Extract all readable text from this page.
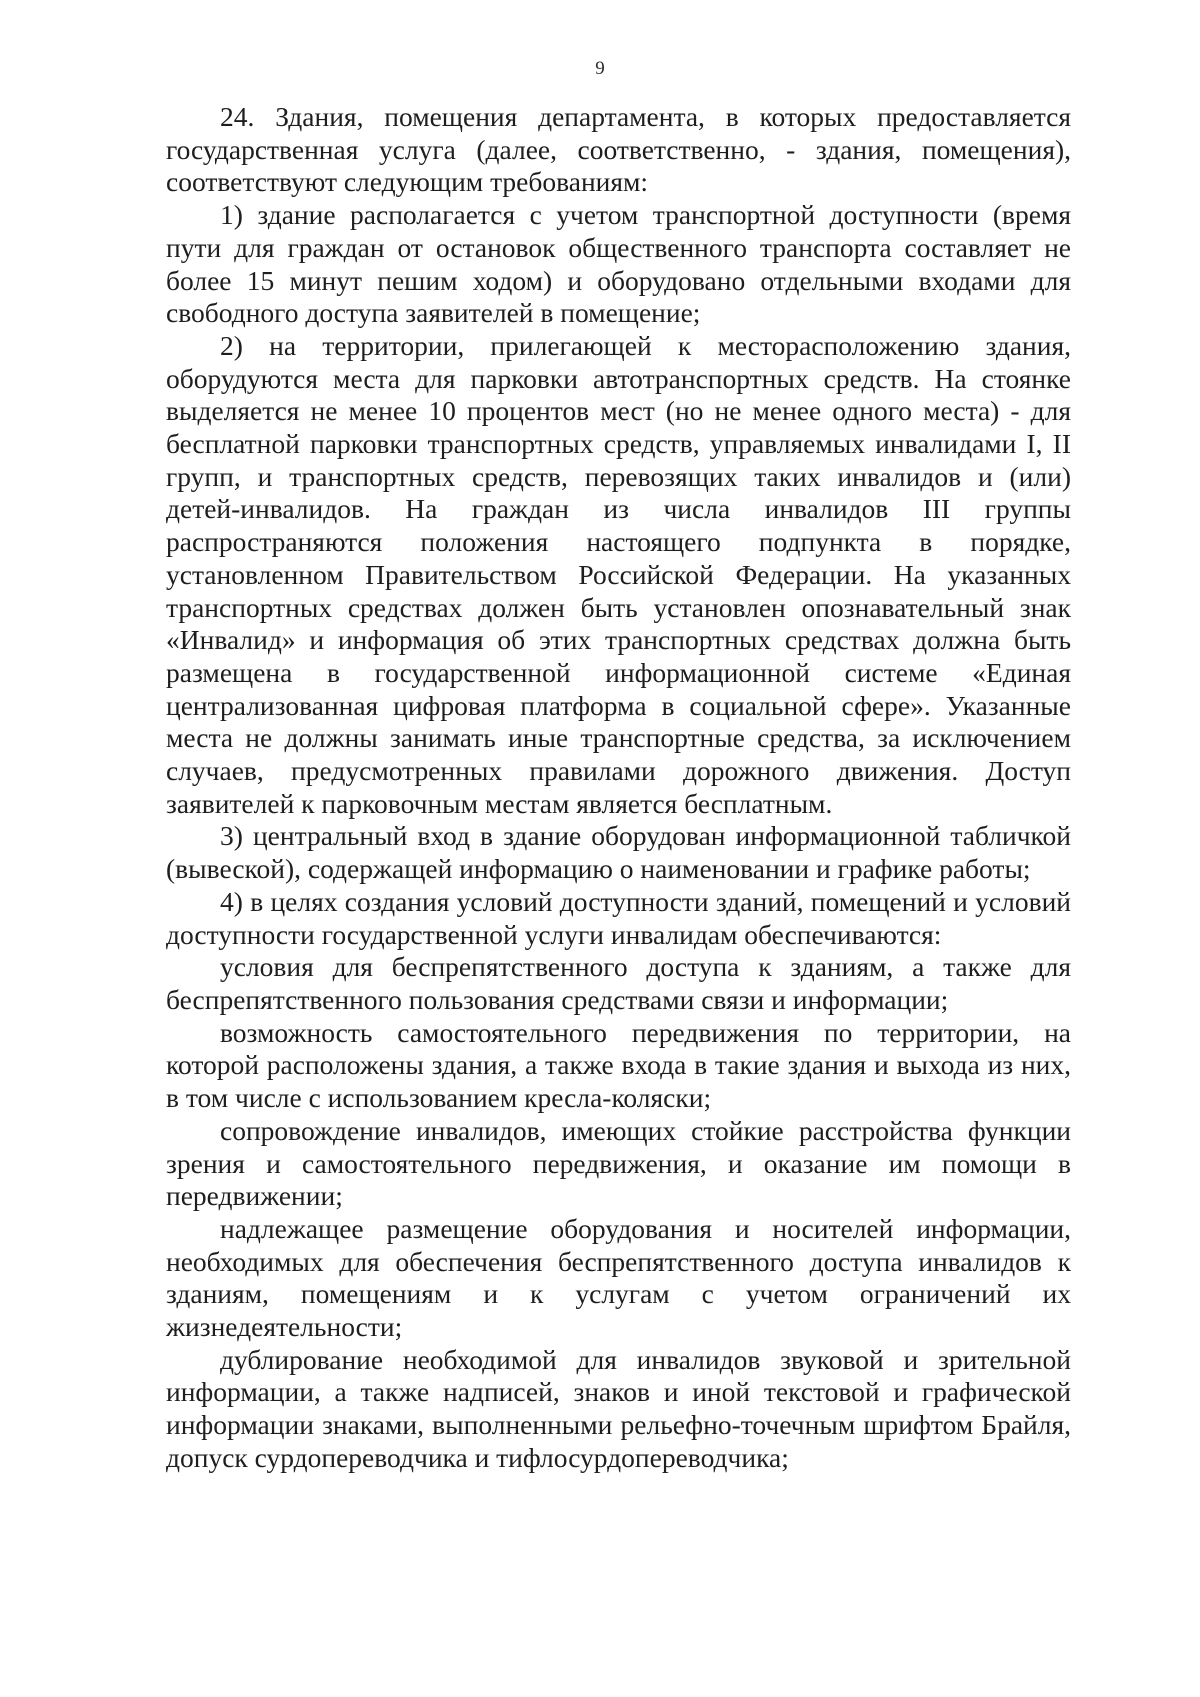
9

24. Здания, помещения департамента, в которых предоставляется государственная услуга (далее, соответственно, - здания, помещения), соответствуют следующим требованиям:

1) здание располагается с учетом транспортной доступности (время пути для граждан от остановок общественного транспорта составляет не более 15 минут пешим ходом) и оборудовано отдельными входами для свободного доступа заявителей в помещение;

2) на территории, прилегающей к месторасположению здания, оборудуются места для парковки автотранспортных средств. На стоянке выделяется не менее 10 процентов мест (но не менее одного места) - для бесплатной парковки транспортных средств, управляемых инвалидами I, II групп, и транспортных средств, перевозящих таких инвалидов и (или) детей-инвалидов. На граждан из числа инвалидов III группы распространяются положения настоящего подпункта в порядке, установленном Правительством Российской Федерации. На указанных транспортных средствах должен быть установлен опознавательный знак «Инвалид» и информация об этих транспортных средствах должна быть размещена в государственной информационной системе «Единая централизованная цифровая платформа в социальной сфере». Указанные места не должны занимать иные транспортные средства, за исключением случаев, предусмотренных правилами дорожного движения. Доступ заявителей к парковочным местам является бесплатным.

3) центральный вход в здание оборудован информационной табличкой (вывеской), содержащей информацию о наименовании и графике работы;

4) в целях создания условий доступности зданий, помещений и условий доступности государственной услуги инвалидам обеспечиваются:

условия для беспрепятственного доступа к зданиям, а также для беспрепятственного пользования средствами связи и информации;

возможность самостоятельного передвижения по территории, на которой расположены здания, а также входа в такие здания и выхода из них, в том числе с использованием кресла-коляски;

сопровождение инвалидов, имеющих стойкие расстройства функции зрения и самостоятельного передвижения, и оказание им помощи в передвижении;

надлежащее размещение оборудования и носителей информации, необходимых для обеспечения беспрепятственного доступа инвалидов к зданиям, помещениям и к услугам с учетом ограничений их жизнедеятельности;

дублирование необходимой для инвалидов звуковой и зрительной информации, а также надписей, знаков и иной текстовой и графической информации знаками, выполненными рельефно-точечным шрифтом Брайля, допуск сурдопереводчика и тифлосурдопереводчика;
